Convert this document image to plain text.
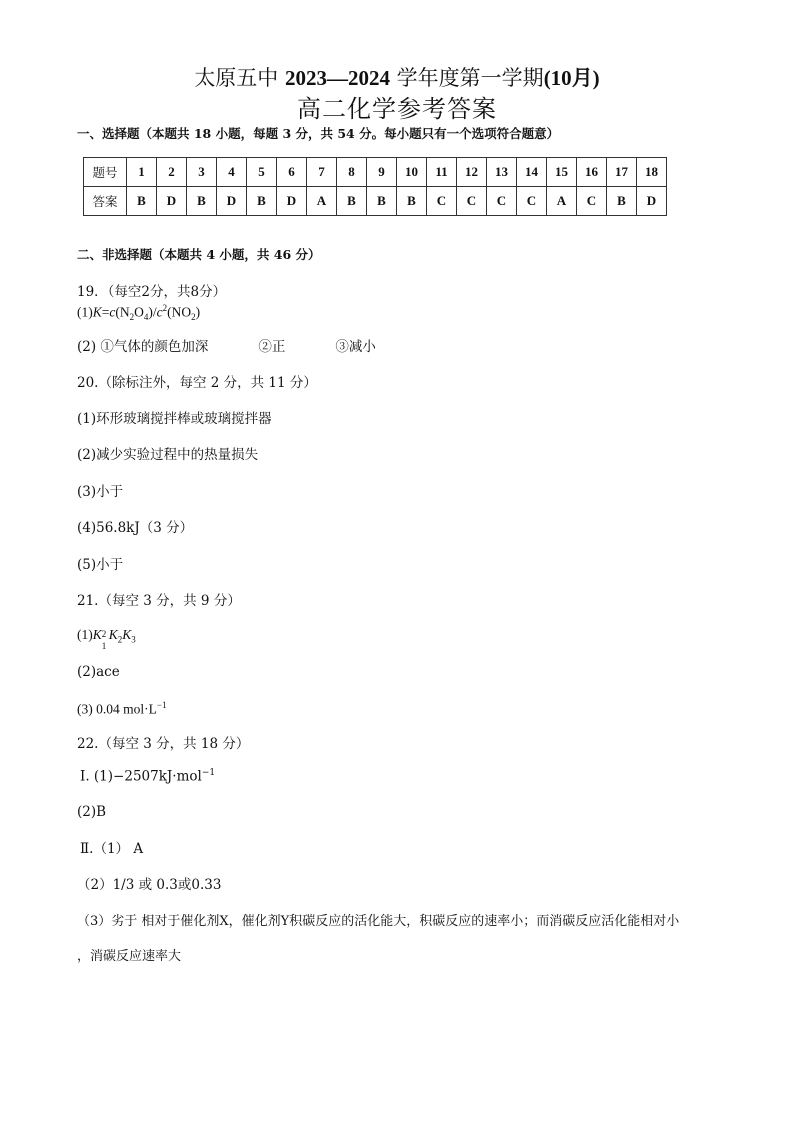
太原五中 2023—2024 学年度第一学期(10月)
高二化学参考答案
一、选择题（本题共 18 小题，每题 3 分，共 54 分。每小题只有一个选项符合题意）
题号	1	2	3	4	5	6	7	8	9	10	11	12	13	14	15	16	17	18
答案	B	D	B	D	B	D	A	B	B	B	C	C	C	C	A	C	B	D
二、非选择题（本题共 4 小题，共 46 分）
19．（每空2分，共8分）
$(1)K=c(N_2O_4)/c^2(NO_2)$
(2) ①气体的颜色加深	②正	③减小
20.（除标注外，每空 2 分，共 11 分）
(1)环形玻璃搅拌棒或玻璃搅拌器
(2)减少实验过程中的热量损失
(3)小于
(4)56.8kJ（3 分）
(5)小于
21.（每空 3 分，共 9 分）
(1)K 2
1
$K_2K_3$
(2)ace
(3) 0.04 $mol\cdot L^{-1}$
22.（每空 3 分，共 18 分）
Ⅰ. (1)−2507kJ·mol$^{-1}$
(2)B
Ⅱ.（1） A
（2）1/3 或 0.3或0.33
（3）劣于 相对于催化剂X，催化剂Y积碳反应的活化能大，积碳反应的速率小；而消碳反应活化能相对小
，消碳反应速率大
